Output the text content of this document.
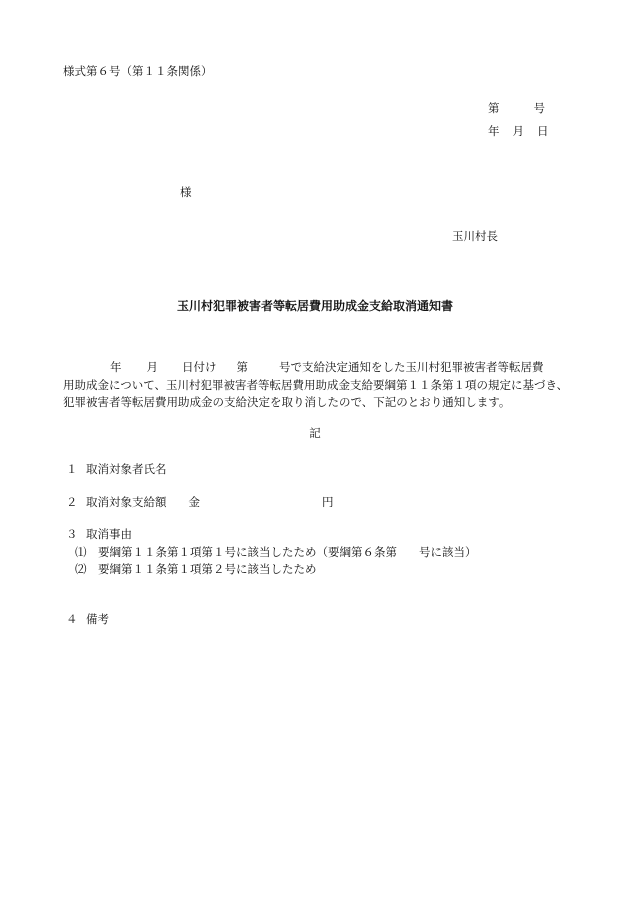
様式第６号（第１１条関係）
第	号
年 月 日
様
玉川村長
玉川村犯罪被害者等転居費用助成金支給取消通知書
年 月 日付け 第	号で支給決定通知をした玉川村犯罪被害者等転居費
用助成金について、玉川村犯罪被害者等転居費用助成金支給要綱第１１条第１項の規定に基づき、
犯罪被害者等転居費用助成金の支給決定を取り消したので、下記のとおり通知します。
記
１ 取消対象者氏名
２ 取消対象支給額 金	円
３ 取消事由
⑴　要綱第１１条第１項第１号に該当したため（要綱第６条第 号に該当）
⑵　要綱第１１条第１項第２号に該当したため
４ 備考
